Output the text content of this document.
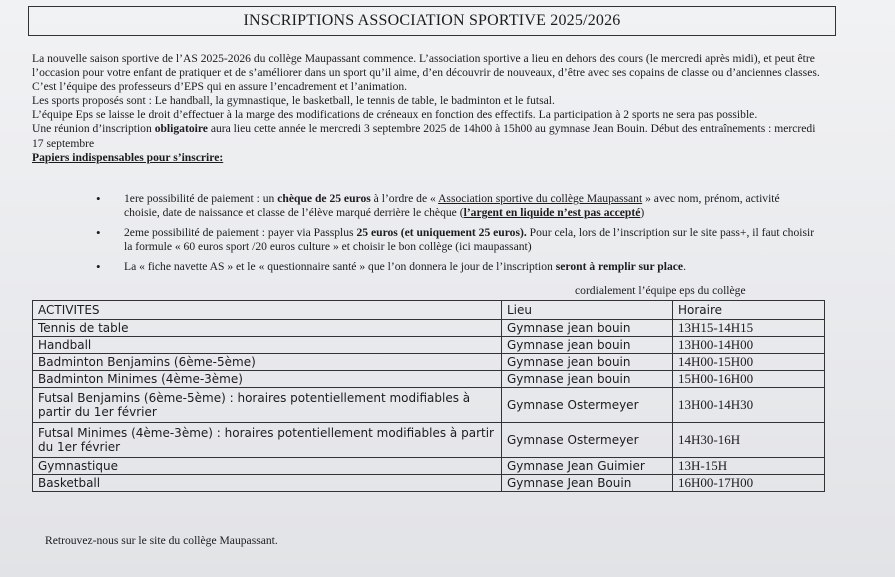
INSCRIPTIONS ASSOCIATION SPORTIVE 2025/2026

La nouvelle saison sportive de l’AS 2025-2026 du collège Maupassant commence. L’association sportive a lieu en dehors des cours (le mercredi après midi), et peut être l’occasion pour votre enfant de pratiquer et de s’améliorer dans un sport qu’il aime, d’en découvrir de nouveaux, d’être avec ses copains de classe ou d’anciennes classes. C’est l’équipe des professeurs d’EPS qui en assure l’encadrement et l’animation.

Les sports proposés sont : Le handball, la gymnastique, le basketball, le tennis de table, le badminton et le futsal.

L’équipe Eps se laisse le droit d’effectuer à la marge des modifications de créneaux en fonction des effectifs. La participation à 2 sports ne sera pas possible.

Une réunion d’inscription obligatoire aura lieu cette année le mercredi 3 septembre 2025 de 14h00 à 15h00 au gymnase Jean Bouin. Début des entraînements : mercredi 17 septembre

Papiers indispensables pour s’inscrire:

• 1ere possibilité de paiement : un chèque de 25 euros à l’ordre de « Association sportive du collège Maupassant » avec nom, prénom, activité choisie, date de naissance et classe de l’élève marqué derrière le chèque (l’argent en liquide n’est pas accepté)
• 2eme possibilité de paiement : payer via Passplus 25 euros (et uniquement 25 euros). Pour cela, lors de l’inscription sur le site pass+, il faut choisir la formule « 60 euros sport /20 euros culture » et choisir le bon collège (ici maupassant)
• La « fiche navette AS » et le « questionnaire santé » que l’on donnera le jour de l’inscription seront à remplir sur place.
cordialement l’équipe eps du collège
ACTIVITES	Lieu	Horaire
Tennis de table	Gymnase jean bouin	13H15-14H15
Handball	Gymnase jean bouin	13H00-14H00
Badminton Benjamins (6ème-5ème)	Gymnase jean bouin	14H00-15H00
Badminton Minimes (4ème-3ème)	Gymnase jean bouin	15H00-16H00
Futsal Benjamins (6ème-5ème) : horaires potentiellement modifiables à partir du 1er février	Gymnase Ostermeyer	13H00-14H30
Futsal Minimes (4ème-3ème) : horaires potentiellement modifiables à partir du 1er février	Gymnase Ostermeyer	14H30-16H
Gymnastique	Gymnase Jean Guimier	13H-15H
Basketball	Gymnase Jean Bouin	16H00-17H00
Retrouvez-nous sur le site du collège Maupassant.
